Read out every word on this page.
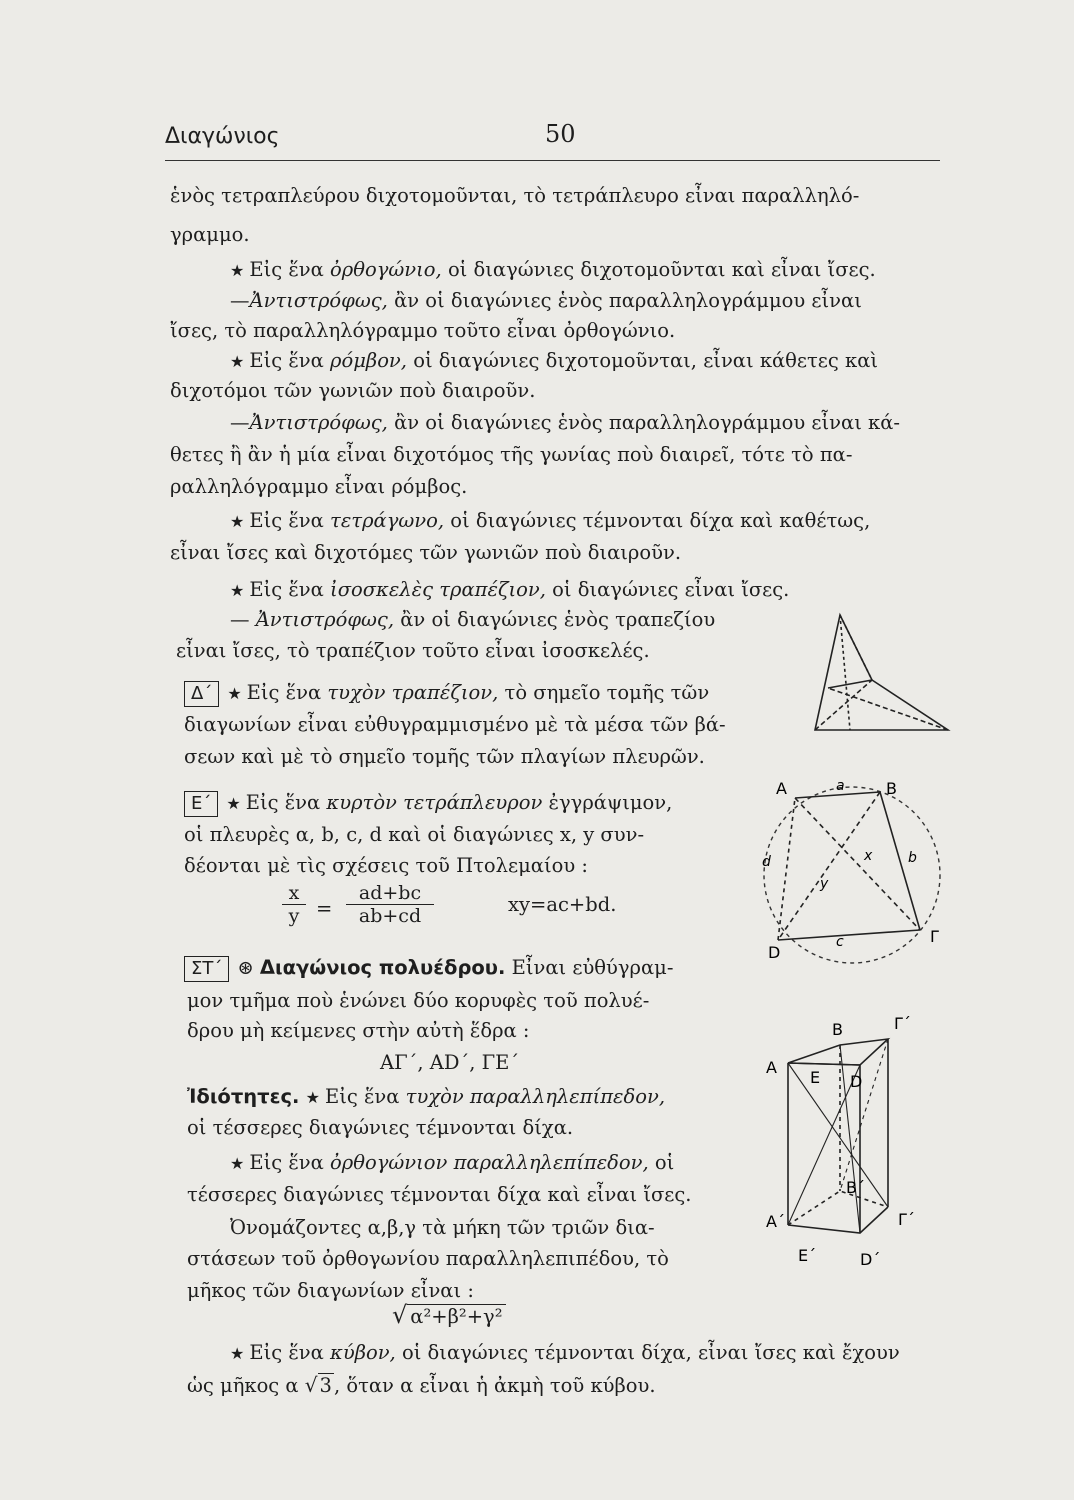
Διαγώνιος	50
ἑνὸς τετραπλεύρου διχοτομοῦνται, τὸ τετράπλευρο εἶναι παραλληλό-
γραμμο.
★ Εἰς ἕνα ὀρθογώνιο, οἱ διαγώνιες διχοτομοῦνται καὶ εἶναι ἴσες.
—Ἀντιστρόφως, ἂν οἱ διαγώνιες ἑνὸς παραλληλογράμμου εἶναι
ἴσες, τὸ παραλληλόγραμμο τοῦτο εἶναι ὀρθογώνιο.
★ Εἰς ἕνα ρόμβον, οἱ διαγώνιες διχοτομοῦνται, εἶναι κάθετες καὶ
διχοτόμοι τῶν γωνιῶν ποὺ διαιροῦν.
—Ἀντιστρόφως, ἂν οἱ διαγώνιες ἑνὸς παραλληλογράμμου εἶναι κά-
θετες ἢ ἂν ἡ μία εἶναι διχοτόμος τῆς γωνίας ποὺ διαιρεῖ, τότε τὸ πα-
ραλληλόγραμμο εἶναι ρόμβος.
★ Εἰς ἕνα τετράγωνο, οἱ διαγώνιες τέμνονται δίχα καὶ καθέτως,
εἶναι ἴσες καὶ διχοτόμες τῶν γωνιῶν ποὺ διαιροῦν.
★ Εἰς ἕνα ἰσοσκελὲς τραπέζιον, οἱ διαγώνιες εἶναι ἴσες.
— Ἀντιστρόφως, ἂν οἱ διαγώνιες ἑνὸς τραπεζίου
εἶναι ἴσες, τὸ τραπέζιον τοῦτο εἶναι ἰσοσκελές.
Δ΄ ★ Εἰς ἕνα τυχὸν τραπέζιον, τὸ σημεῖο τομῆς τῶν
διαγωνίων εἶναι εὐθυγραμμισμένο μὲ τὰ μέσα τῶν βά-
σεων καὶ μὲ τὸ σημεῖο τομῆς τῶν πλαγίων πλευρῶν.
Ε΄ ★ Εἰς ἕνα κυρτὸν τετράπλευρον ἐγγράψιμον,
οἱ πλευρὲς α, b, c, d καὶ οἱ διαγώνιες x, y συν-
δέονται μὲ τὶς σχέσεις τοῦ Πτολεμαίου :
$\frac{x}{y} = \frac{ad+bc}{ab+cd}$	xy=ac+bd.
ΣΤ΄ ⊛ Διαγώνιος πολυέδρου. Εἶναι εὐθύγραμ-
μον τμῆμα ποὺ ἑνώνει δύο κορυφὲς τοῦ πολυέ-
δρου μὴ κείμενες στὴν αὐτὴ ἕδρα :
ΑΓ΄, ΑD΄, ΓΕ΄
Ἰδιότητες. ★ Εἰς ἕνα τυχὸν παραλληλεπίπεδον,
οἱ τέσσερες διαγώνιες τέμνονται δίχα.
★ Εἰς ἕνα ὀρθογώνιον παραλληλεπίπεδον, οἱ
τέσσερες διαγώνιες τέμνονται δίχα καὶ εἶναι ἴσες.
Ὀνομάζοντες α,β,γ τὰ μήκη τῶν τριῶν δια-
στάσεων τοῦ ὀρθογωνίου παραλληλεπιπέδου, τὸ
μῆκος τῶν διαγωνίων εἶναι :
√ α²+β²+γ²
★ Εἰς ἕνα κύβον, οἱ διαγώνιες τέμνονται δίχα, εἶναι ἴσες καὶ ἔχουν
ὡς μῆκος α √ 3 , ὅταν α εἶναι ἡ ἀκμὴ τοῦ κύβου.
A	B
Γ
D
a
b
c
d	x
y
B	Γ΄
A
E D
B΄
A΄	Γ΄
E΄	D΄
